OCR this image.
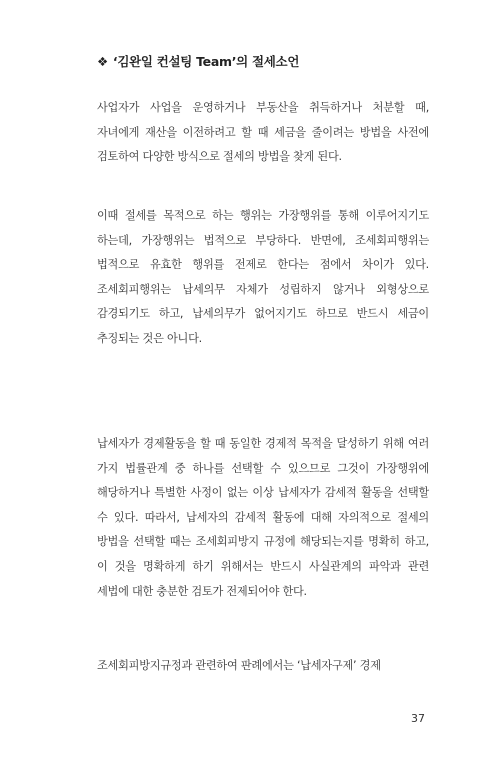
❖ ‘김완일 컨설팅 Team’의 절세소언
사업자가 사업을 운영하거나 부동산을 취득하거나 처분할 때, 자녀에게 재산을 이전하려고 할 때 세금을 줄이려는 방법을 사전에 검토하여 다양한 방식으로 절세의 방법을 찾게 된다.
이때 절세를 목적으로 하는 행위는 가장행위를 통해 이루어지기도 하는데, 가장행위는 법적으로 부당하다. 반면에, 조세회피행위는 법적으로 유효한 행위를 전제로 한다는 점에서 차이가 있다. 조세회피행위는 납세의무 자체가 성립하지 않거나 외형상으로 감경되기도 하고, 납세의무가 없어지기도 하므로 반드시 세금이 추징되는 것은 아니다.
납세자가 경제활동을 할 때 동일한 경제적 목적을 달성하기 위해 여러 가지 법률관계 중 하나를 선택할 수 있으므로 그것이 가장행위에 해당하거나 특별한 사정이 없는 이상 납세자가 감세적 활동을 선택할 수 있다. 따라서, 납세자의 감세적 활동에 대해 자의적으로 절세의 방법을 선택할 때는 조세회피방지 규정에 해당되는지를 명확히 하고, 이 것을 명확하게 하기 위해서는 반드시 사실관계의 파악과 관련 세법에 대한 충분한 검토가 전제되어야 한다.
조세회피방지규정과 관련하여 판례에서는 ‘납세자구제’ 경제
37
